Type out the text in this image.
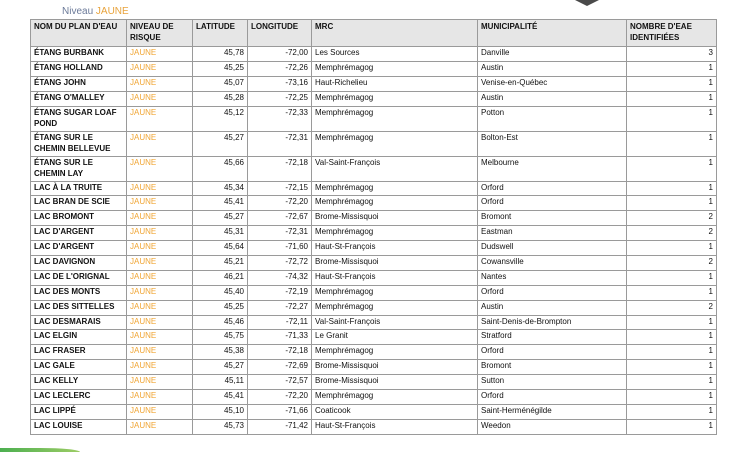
Niveau JAUNE
NOM DU PLAN D'EAU	NIVEAU DE RISQUE	LATITUDE	LONGITUDE	MRC	MUNICIPALITÉ	NOMBRE D'EAE IDENTIFIÉES
ÉTANG BURBANK	JAUNE	45,78	-72,00	Les Sources	Danville	3
ÉTANG HOLLAND	JAUNE	45,25	-72,26	Memphrémagog	Austin	1
ÉTANG JOHN	JAUNE	45,07	-73,16	Haut-Richelieu	Venise-en-Québec	1
ÉTANG O'MALLEY	JAUNE	45,28	-72,25	Memphrémagog	Austin	1
ÉTANG SUGAR LOAF POND	JAUNE	45,12	-72,33	Memphrémagog	Potton	1
ÉTANG SUR LE CHEMIN BELLEVUE	JAUNE	45,27	-72,31	Memphrémagog	Bolton-Est	1
ÉTANG SUR LE CHEMIN LAY	JAUNE	45,66	-72,18	Val-Saint-François	Melbourne	1
LAC À LA TRUITE	JAUNE	45,34	-72,15	Memphrémagog	Orford	1
LAC BRAN DE SCIE	JAUNE	45,41	-72,20	Memphrémagog	Orford	1
LAC BROMONT	JAUNE	45,27	-72,67	Brome-Missisquoi	Bromont	2
LAC D'ARGENT	JAUNE	45,31	-72,31	Memphrémagog	Eastman	2
LAC D'ARGENT	JAUNE	45,64	-71,60	Haut-St-François	Dudswell	1
LAC DAVIGNON	JAUNE	45,21	-72,72	Brome-Missisquoi	Cowansville	2
LAC DE L'ORIGNAL	JAUNE	46,21	-74,32	Haut-St-François	Nantes	1
LAC DES MONTS	JAUNE	45,40	-72,19	Memphrémagog	Orford	1
LAC DES SITTELLES	JAUNE	45,25	-72,27	Memphrémagog	Austin	2
LAC DESMARAIS	JAUNE	45,46	-72,11	Val-Saint-François	Saint-Denis-de-Brompton	1
LAC ELGIN	JAUNE	45,75	-71,33	Le Granit	Stratford	1
LAC FRASER	JAUNE	45,38	-72,18	Memphrémagog	Orford	1
LAC GALE	JAUNE	45,27	-72,69	Brome-Missisquoi	Bromont	1
LAC KELLY	JAUNE	45,11	-72,57	Brome-Missisquoi	Sutton	1
LAC LECLERC	JAUNE	45,41	-72,20	Memphrémagog	Orford	1
LAC LIPPÉ	JAUNE	45,10	-71,66	Coaticook	Saint-Herménégilde	1
LAC LOUISE	JAUNE	45,73	-71,42	Haut-St-François	Weedon	1
